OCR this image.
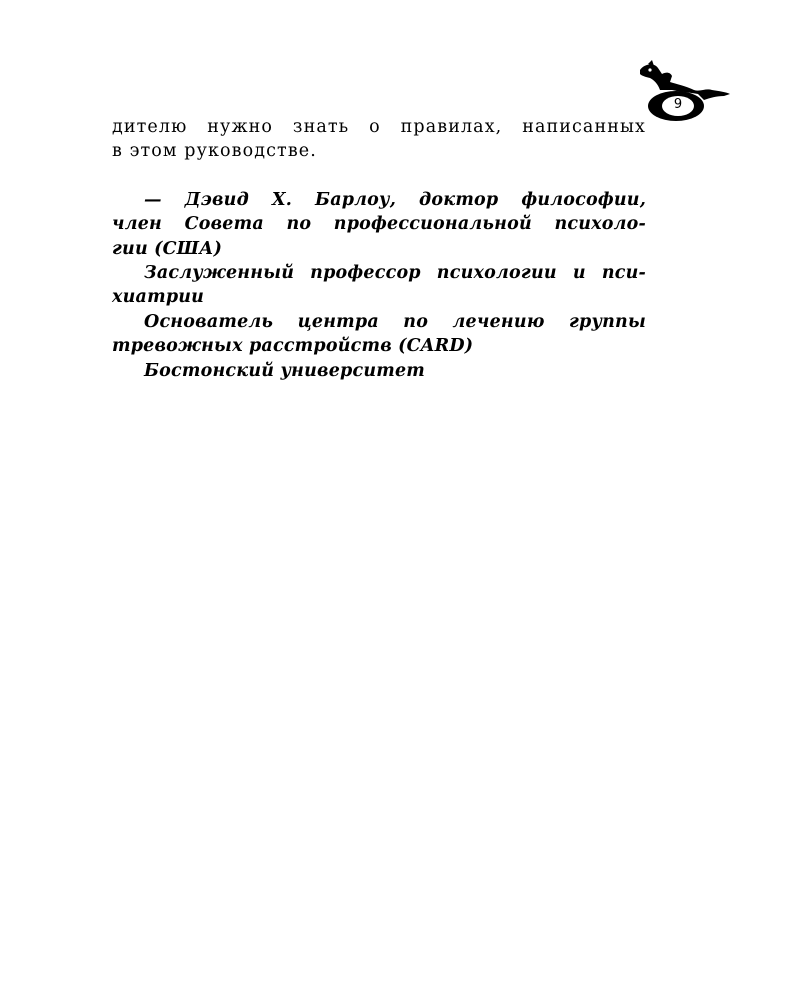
9

дителю нужно знать о правилах, написанных
в этом руководстве.

— Дэвид Х. Барлоу, доктор философии,
член Совета по профессиональной психоло-
гии (США)
Заслуженный профессор психологии и пси-
хиатрии
Основатель центра по лечению группы
тревожных расстройств (CARD)
Бостонский университет
